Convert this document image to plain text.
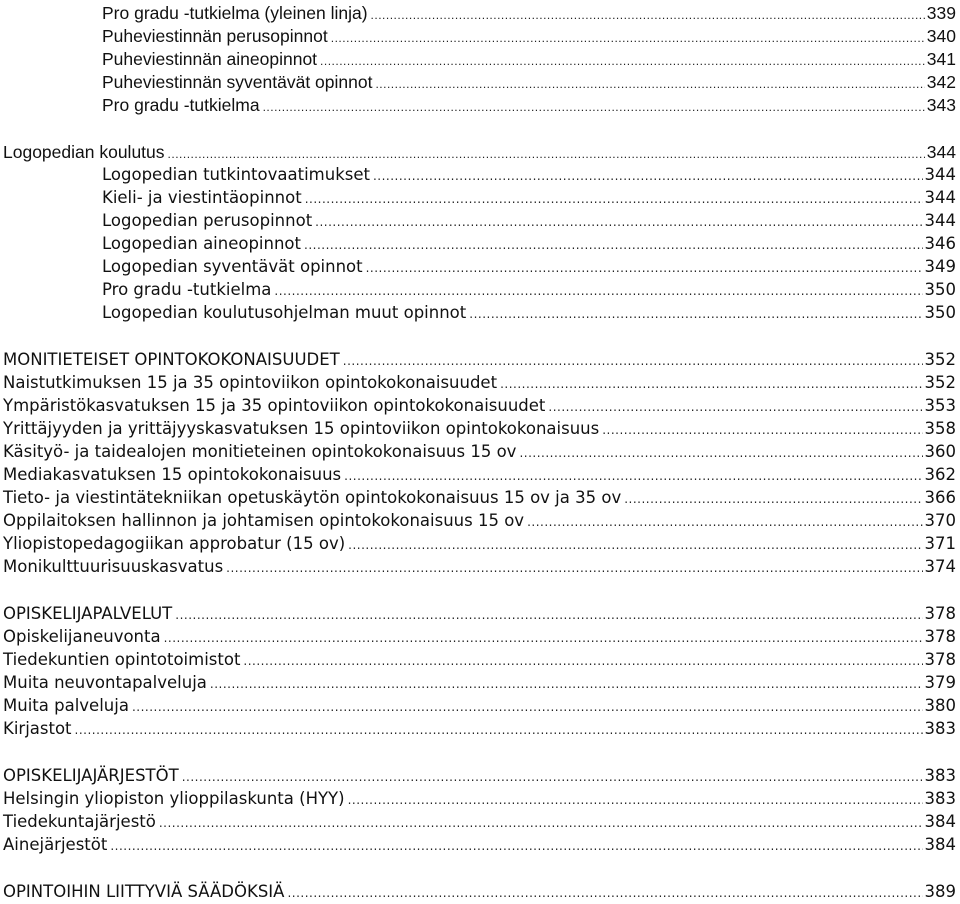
Pro gradu -tutkielma (yleinen linja) .....	339
Puheviestinnän perusopinnot .....	340
Puheviestinnän aineopinnot .....	341
Puheviestinnän syventävät opinnot .....	342
Pro gradu -tutkielma .....	343
Logopedian koulutus .....	344
Logopedian tutkintovaatimukset .....	344
Kieli- ja viestintäopinnot .....	344
Logopedian perusopinnot .....	344
Logopedian aineopinnot .....	346
Logopedian syventävät opinnot .....	349
Pro gradu -tutkielma .....	350
Logopedian koulutusohjelman muut opinnot .....	350
MONITIETEISET OPINTOKOKONAISUUDET .....	352
Naistutkimuksen 15 ja 35 opintoviikon opintokokonaisuudet .....	352
Ympäristökasvatuksen 15 ja 35 opintoviikon opintokokonaisuudet .....	353
Yrittäjyyden ja yrittäjyyskasvatuksen 15 opintoviikon opintokokonaisuus .....	358
Käsityö- ja taidealojen monitieteinen opintokokonaisuus 15 ov .....	360
Mediakasvatuksen 15 opintokokonaisuus .....	362
Tieto- ja viestintätekniikan opetuskäytön opintokokonaisuus 15 ov ja 35 ov .....	366
Oppilaitoksen hallinnon ja johtamisen opintokokonaisuus 15 ov .....	370
Yliopistopedagogiikan approbatur (15 ov) .....	371
Monikulttuurisuuskasvatus .....	374
OPISKELIJAPALVELUT .....	378
Opiskelijaneuvonta .....	378
Tiedekuntien opintotoimistot .....	378
Muita neuvontapalveluja .....	379
Muita palveluja .....	380
Kirjastot .....	383
OPISKELIJAJÄRJESTÖT .....	383
Helsingin yliopiston ylioppilaskunta (HYY) .....	383
Tiedekuntajärjestö .....	384
Ainejärjestöt .....	384
OPINTOIHIN LIITTYVIÄ SÄÄDÖKSIÄ .....	389
